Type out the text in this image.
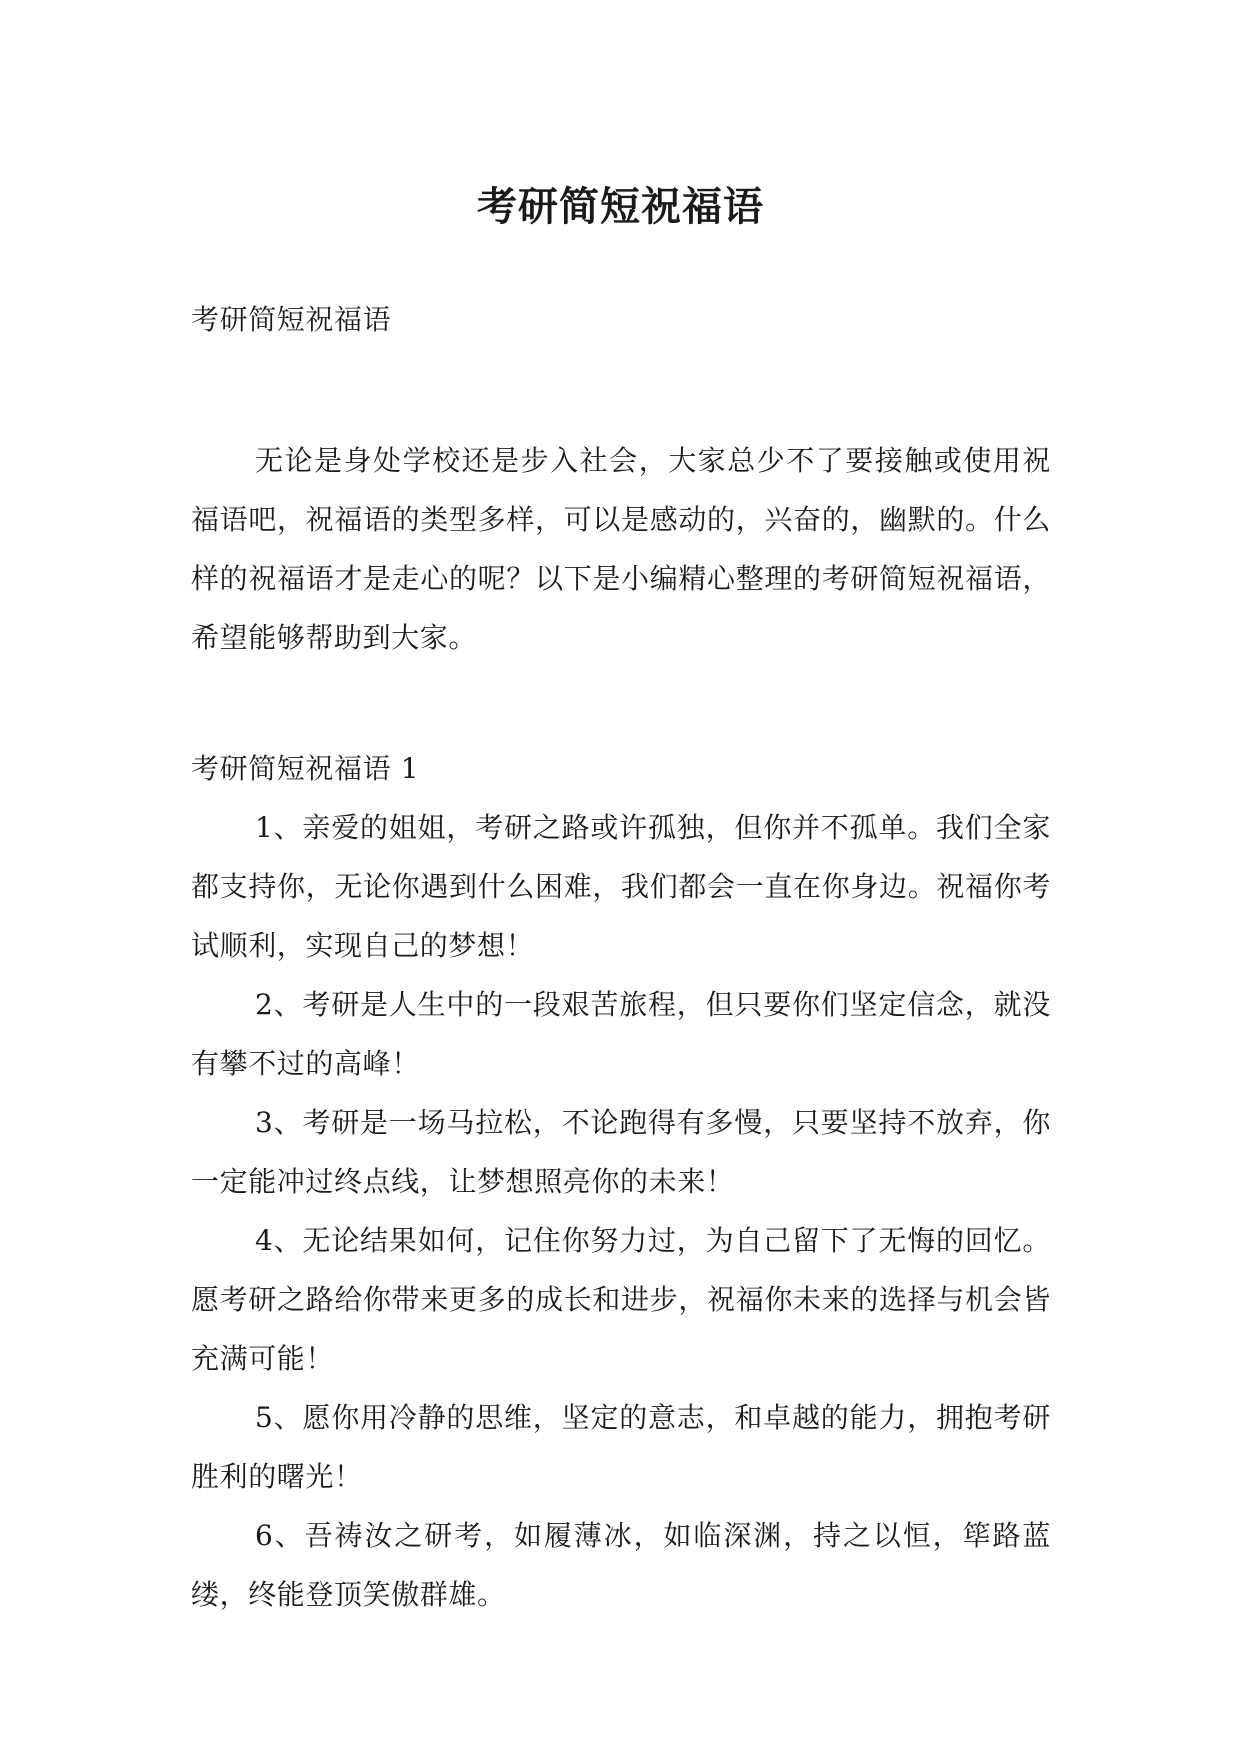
考研简短祝福语

考研简短祝福语

无论是身处学校还是步入社会，大家总少不了要接触或使用祝福语吧，祝福语的类型多样，可以是感动的，兴奋的，幽默的。什么样的祝福语才是走心的呢？以下是小编精心整理的考研简短祝福语，希望能够帮助到大家。

考研简短祝福语 1

1、亲爱的姐姐，考研之路或许孤独，但你并不孤单。我们全家都支持你，无论你遇到什么困难，我们都会一直在你身边。祝福你考试顺利，实现自己的梦想！

2、考研是人生中的一段艰苦旅程，但只要你们坚定信念，就没有攀不过的高峰！

3、考研是一场马拉松，不论跑得有多慢，只要坚持不放弃，你一定能冲过终点线，让梦想照亮你的未来！

4、无论结果如何，记住你努力过，为自己留下了无悔的回忆。愿考研之路给你带来更多的成长和进步，祝福你未来的选择与机会皆充满可能！

5、愿你用冷静的思维，坚定的意志，和卓越的能力，拥抱考研胜利的曙光！

6、吾祷汝之研考，如履薄冰，如临深渊，持之以恒，筚路蓝缕，终能登顶笑傲群雄。
